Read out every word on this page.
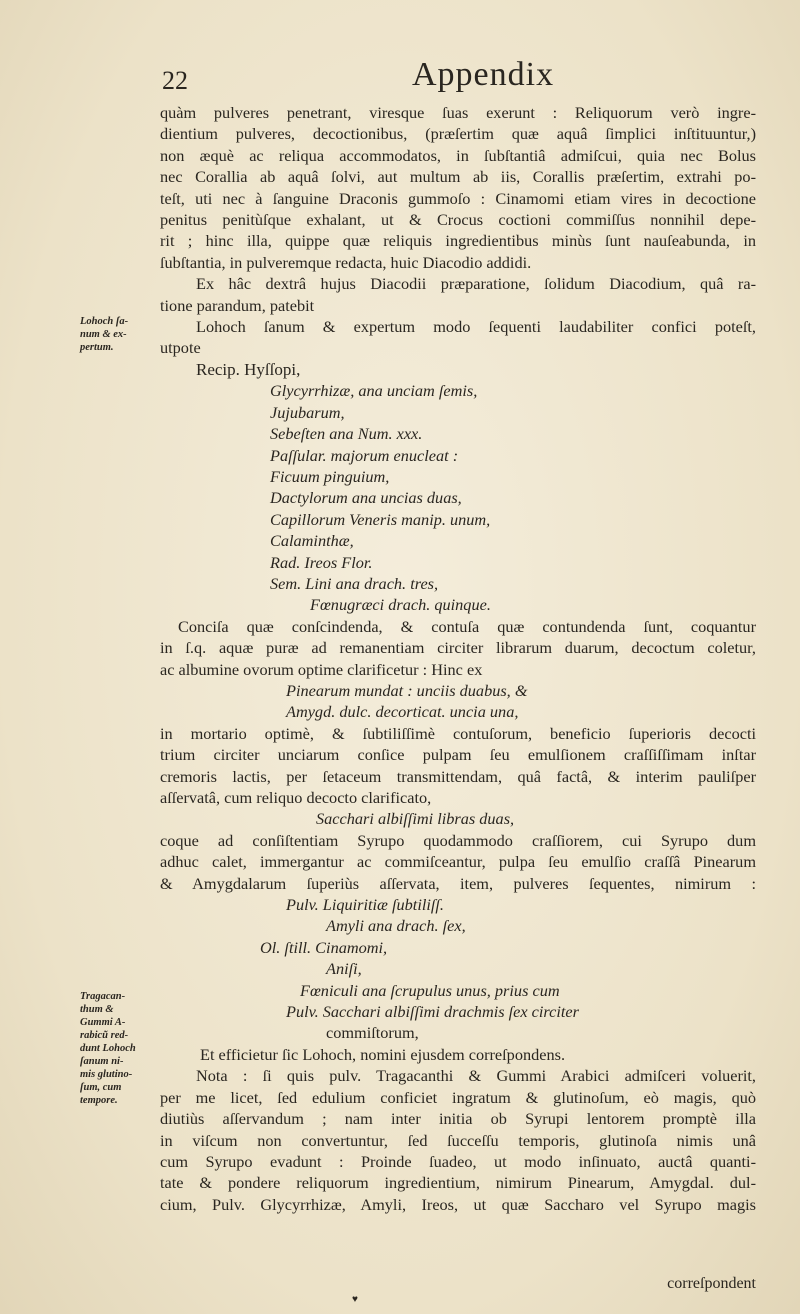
22	Appendix
Lohoch ſa-
num & ex-
pertum.
Tragacan-
thum &
Gummi A-
rabicũ red-
dunt Lohoch
ſanum ni-
mis glutino-
ſum, cum
tempore.
quàm pulveres penetrant, viresque ſuas exerunt : Reliquorum verò ingre-
dientium pulveres, decoctionibus, (præſertim quæ aquâ ſimplici inſtituuntur,)
non æquè ac reliqua accommodatos, in ſubſtantiâ admiſcui, quia nec Bolus
nec Corallia ab aquâ ſolvi, aut multum ab iis, Corallis præſertim, extrahi po-
teſt, uti nec à ſanguine Draconis gummoſo : Cinamomi etiam vires in decoctione
penitus penitùſque exhalant, ut & Crocus coctioni commiſſus nonnihil depe-
rit ; hinc illa, quippe quæ reliquis ingredientibus minùs ſunt nauſeabunda, in
ſubſtantia, in pulveremque redacta, huic Diacodio addidi.
Ex hâc dextrâ hujus Diacodii præparatione, ſolidum Diacodium, quâ ra-
tione parandum, patebit
Lohoch ſanum & expertum modo ſequenti laudabiliter confici poteſt,
utpote
Recip. Hyſſopi,
Glycyrrhizæ, ana unciam ſemis,
Jujubarum,
Sebeſten ana Num. xxx.
Paſſular. majorum enucleat :
Ficuum pinguium,
Dactylorum ana uncias duas,
Capillorum Veneris manip. unum,
Calaminthæ,
Rad. Ireos Flor.
Sem. Lini ana drach. tres,
Fœnugræci drach. quinque.
Conciſa quæ conſcindenda, & contuſa quæ contundenda ſunt, coquantur
in ſ.q. aquæ puræ ad remanentiam circiter librarum duarum, decoctum coletur,
ac albumine ovorum optime clarificetur : Hinc ex
Pinearum mundat : unciis duabus, &
Amygd. dulc. decorticat. uncia una,
in mortario optimè, & ſubtiliſſimè contuſorum, beneficio ſuperioris decocti
trium circiter unciarum conſice pulpam ſeu emulſionem craſſiſſimam inſtar
cremoris lactis, per ſetaceum transmittendam, quâ factâ, & interim pauliſper
aſſervatâ, cum reliquo decocto clarificato,
Sacchari albiſſimi libras duas,
coque ad conſiſtentiam Syrupo quodammodo craſſiorem, cui Syrupo dum
adhuc calet, immergantur ac commiſceantur, pulpa ſeu emulſio craſſâ Pinearum
& Amygdalarum ſuperiùs aſſervata, item, pulveres ſequentes, nimirum :
Pulv. Liquiritiæ ſubtiliſſ.
Amyli ana drach. ſex,
Ol. ſtill. Cinamomi,
Aniſi,
Fœniculi ana ſcrupulus unus, prius cum
Pulv. Sacchari albiſſimi drachmis ſex circiter
commiſtorum,
Et efficietur ſic Lohoch, nomini ejusdem correſpondens.
Nota : ſi quis pulv. Tragacanthi & Gummi Arabici admiſceri voluerit,
per me licet, ſed edulium conficiet ingratum & glutinoſum, eò magis, quò
diutiùs aſſervandum ; nam inter initia ob Syrupi lentorem promptè illa
in viſcum non convertuntur, ſed ſucceſſu temporis, glutinoſa nimis unâ
cum Syrupo evadunt : Proinde ſuadeo, ut modo inſinuato, auctâ quanti-
tate & pondere reliquorum ingredientium, nimirum Pinearum, Amygdal. dul-
cium, Pulv. Glycyrrhizæ, Amyli, Ireos, ut quæ Saccharo vel Syrupo magis
correſpondent
♥
